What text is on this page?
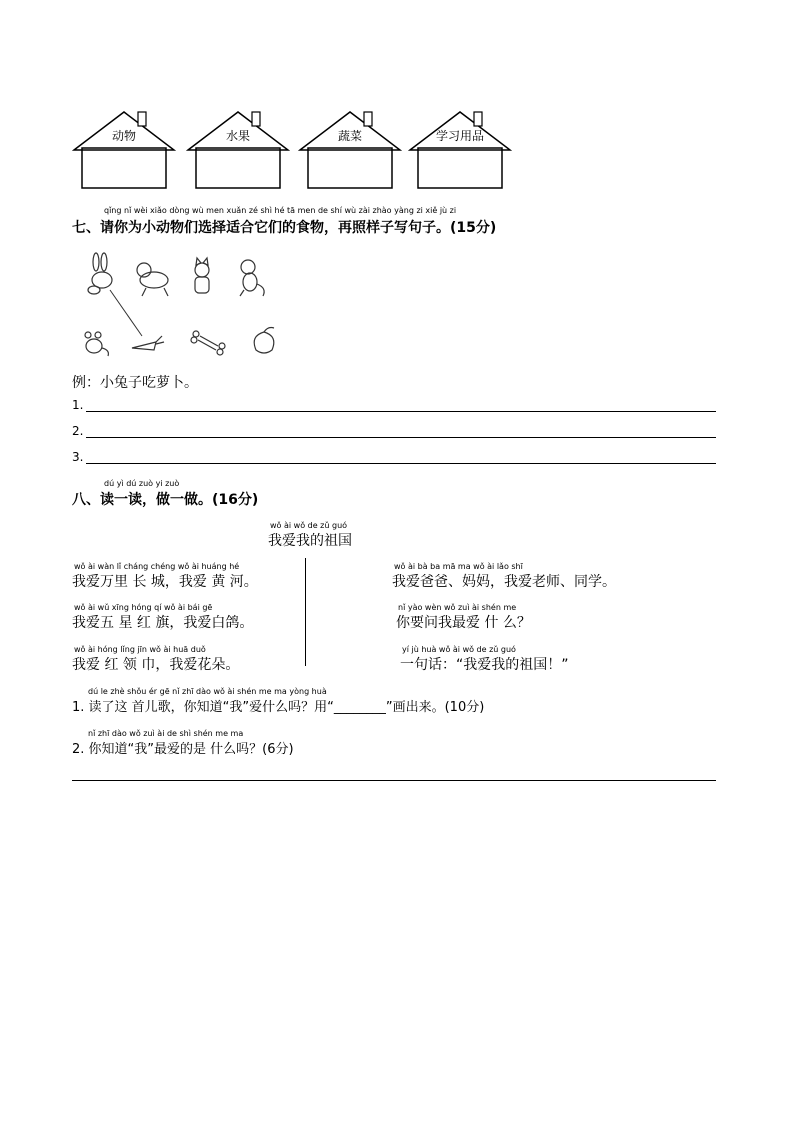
动物	水果	蔬菜	学习用品
qǐng nǐ wèi xiǎo dòng wù men xuǎn zé shì hé tā men de shí wù zài zhào yàng zi xiě jù zi
七、请你为小动物们选择适合它们的食物，再照样子写句子。(15分)
例：小兔子吃萝卜。
1.
2.
3.
dú yì dú zuò yi zuò
八、读一读，做一做。(16分)
wǒ ài wǒ de zǔ guó
我爱我的祖国
wǒ ài wàn lǐ cháng chéng wǒ ài huáng hé
我爱万里 长 城，我爱 黄 河。
wǒ ài wǔ xīng hóng qí wǒ ài bái gē
我爱五 星 红 旗，我爱白鸽。
wǒ ài hóng lǐng jīn wǒ ài huā duǒ
我爱 红 领 巾，我爱花朵。
wǒ ài bà ba mā ma wǒ ài lǎo shī
我爱爸爸、妈妈，我爱老师、同学。
nǐ yào wèn wǒ zuì ài shén me
你要问我最爱 什 么？
yí jù huà wǒ ài wǒ de zǔ guó
一句话：“我爱我的祖国！”
dú le zhè shǒu ér gē nǐ zhī dào wǒ ài shén me ma yòng huà
1. 读了这 首儿歌，你知道“我”爱什么吗？用“________”画出来。(10分)
nǐ zhī dào wǒ zuì ài de shì shén me ma
2. 你知道“我”最爱的是 什么吗？(6分)
